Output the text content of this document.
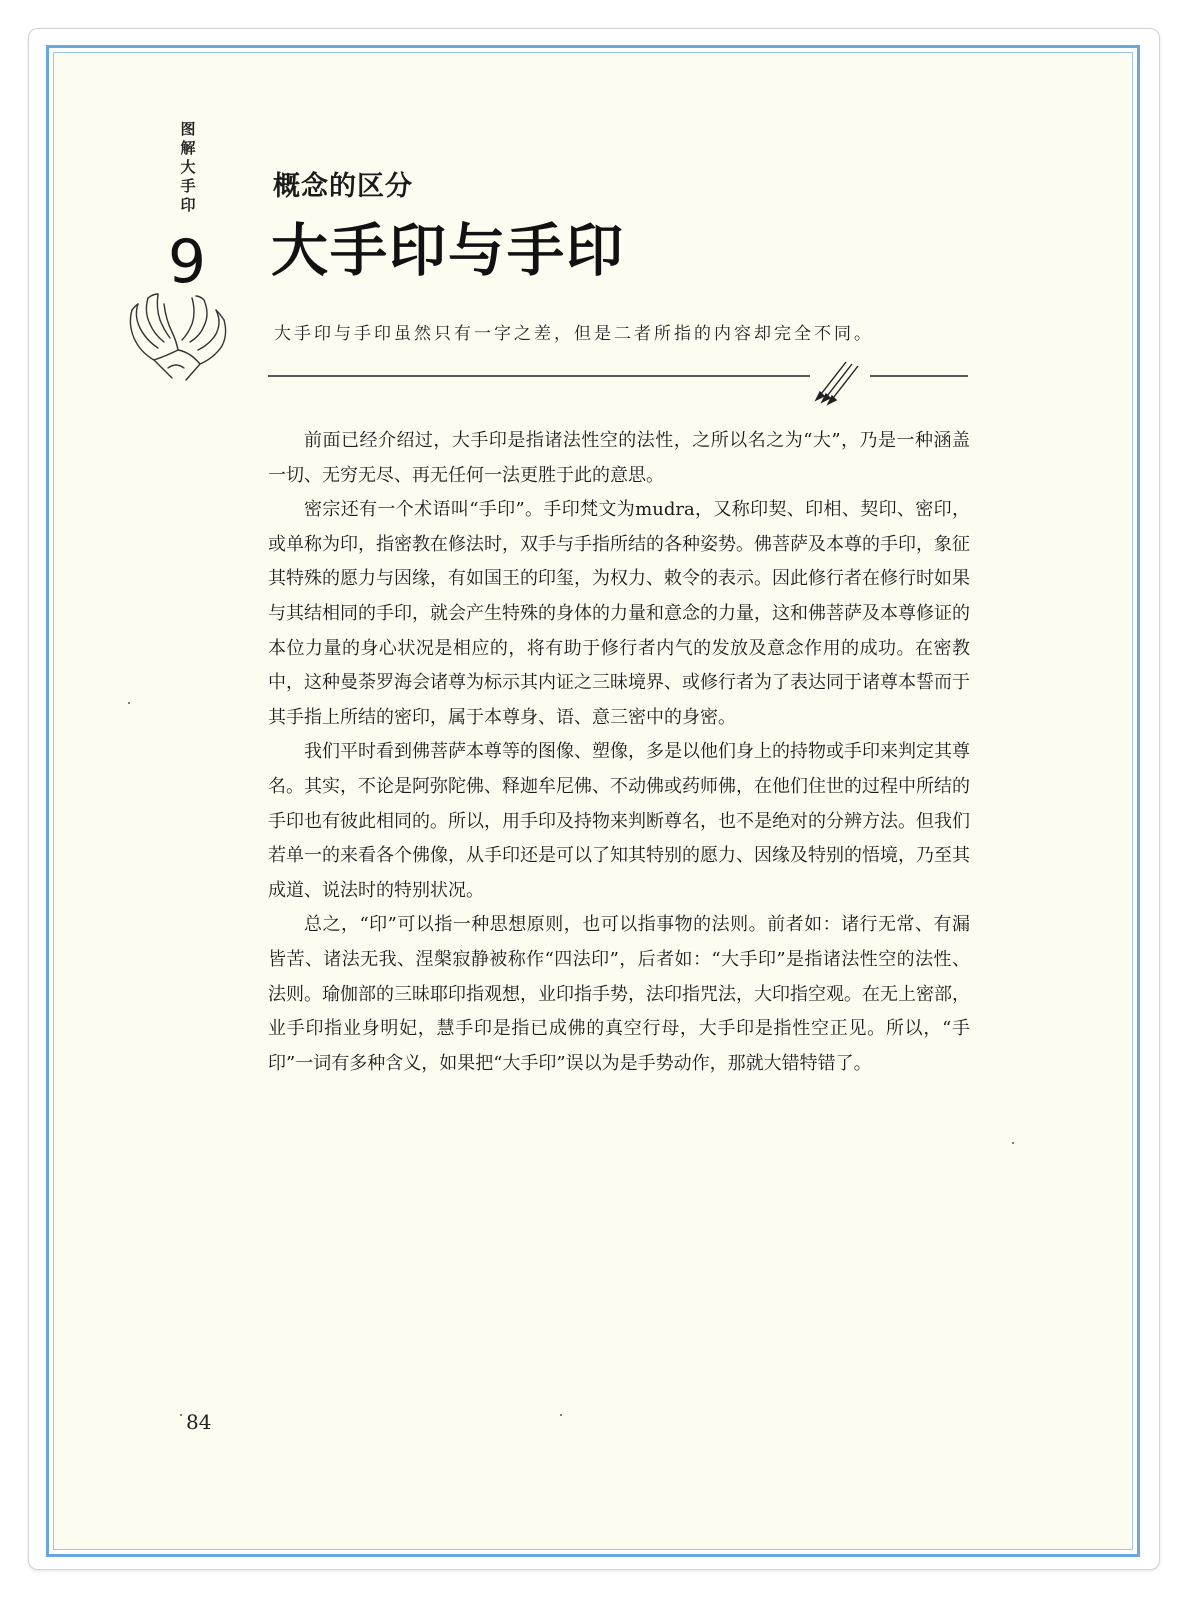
图解大手印
9
概念的区分
大手印与手印
大手印与手印虽然只有一字之差，但是二者所指的内容却完全不同。

前面已经介绍过，大手印是指诸法性空的法性，之所以名之为“大”，乃是一种涵盖一切、无穷无尽、再无任何一法更胜于此的意思。

密宗还有一个术语叫“手印”。手印梵文为mudra，又称印契、印相、契印、密印，或单称为印，指密教在修法时，双手与手指所结的各种姿势。佛菩萨及本尊的手印，象征其特殊的愿力与因缘，有如国王的印玺，为权力、敕令的表示。因此修行者在修行时如果与其结相同的手印，就会产生特殊的身体的力量和意念的力量，这和佛菩萨及本尊修证的本位力量的身心状况是相应的，将有助于修行者内气的发放及意念作用的成功。在密教中，这种曼荼罗海会诸尊为标示其内证之三昧境界、或修行者为了表达同于诸尊本誓而于其手指上所结的密印，属于本尊身、语、意三密中的身密。

我们平时看到佛菩萨本尊等的图像、塑像，多是以他们身上的持物或手印来判定其尊名。其实，不论是阿弥陀佛、释迦牟尼佛、不动佛或药师佛，在他们住世的过程中所结的手印也有彼此相同的。所以，用手印及持物来判断尊名，也不是绝对的分辨方法。但我们若单一的来看各个佛像，从手印还是可以了知其特别的愿力、因缘及特别的悟境，乃至其成道、说法时的特别状况。

总之，“印”可以指一种思想原则，也可以指事物的法则。前者如：诸行无常、有漏皆苦、诸法无我、涅槃寂静被称作“四法印”，后者如：“大手印”是指诸法性空的法性、法则。瑜伽部的三昧耶印指观想，业印指手势，法印指咒法，大印指空观。在无上密部，业手印指业身明妃，慧手印是指已成佛的真空行母，大手印是指性空正见。所以，“手印”一词有多种含义，如果把“大手印”误以为是手势动作，那就大错特错了。

84
